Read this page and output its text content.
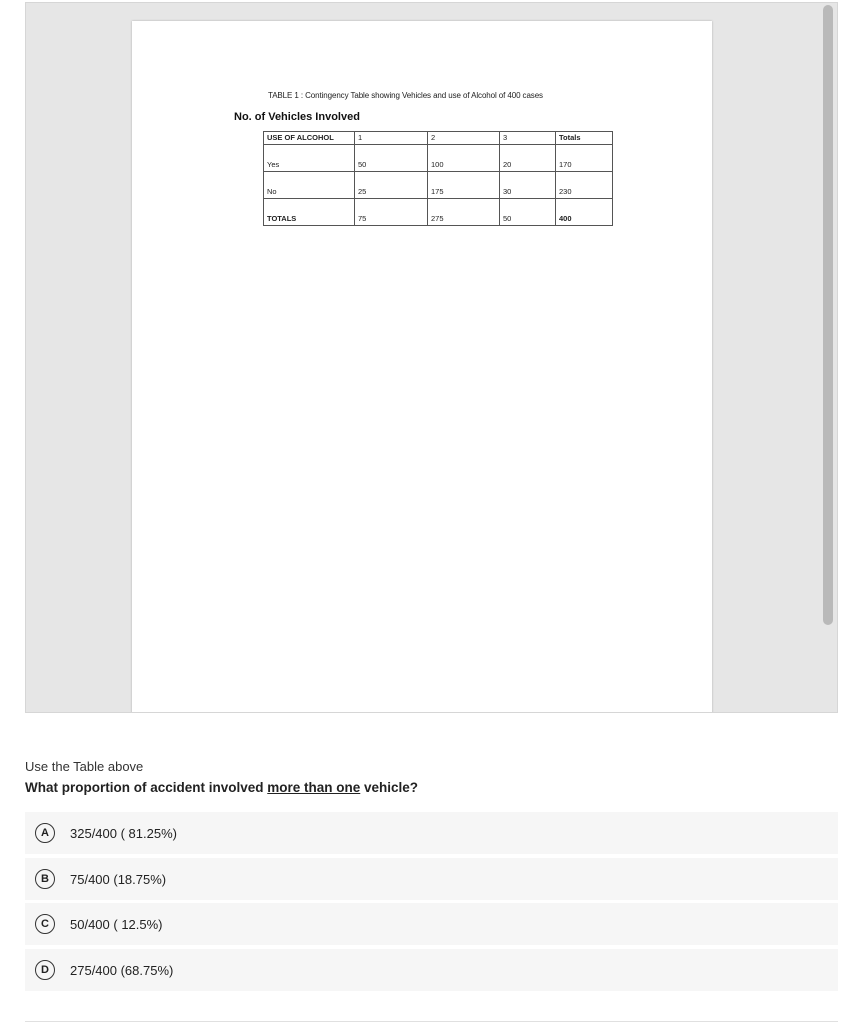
TABLE 1 : Contingency Table showing Vehicles and use of Alcohol of 400 cases
No. of Vehicles Involved
USE OF ALCOHOL	1	2	3	Totals
Yes	50	100	20	170
No	25	175	30	230
TOTALS	75	275	50	400
Use the Table above
What proportion of accident involved more than one vehicle?
A	325/400 ( 81.25%)
B	75/400 (18.75%)
C	50/400 ( 12.5%)
D	275/400 (68.75%)
